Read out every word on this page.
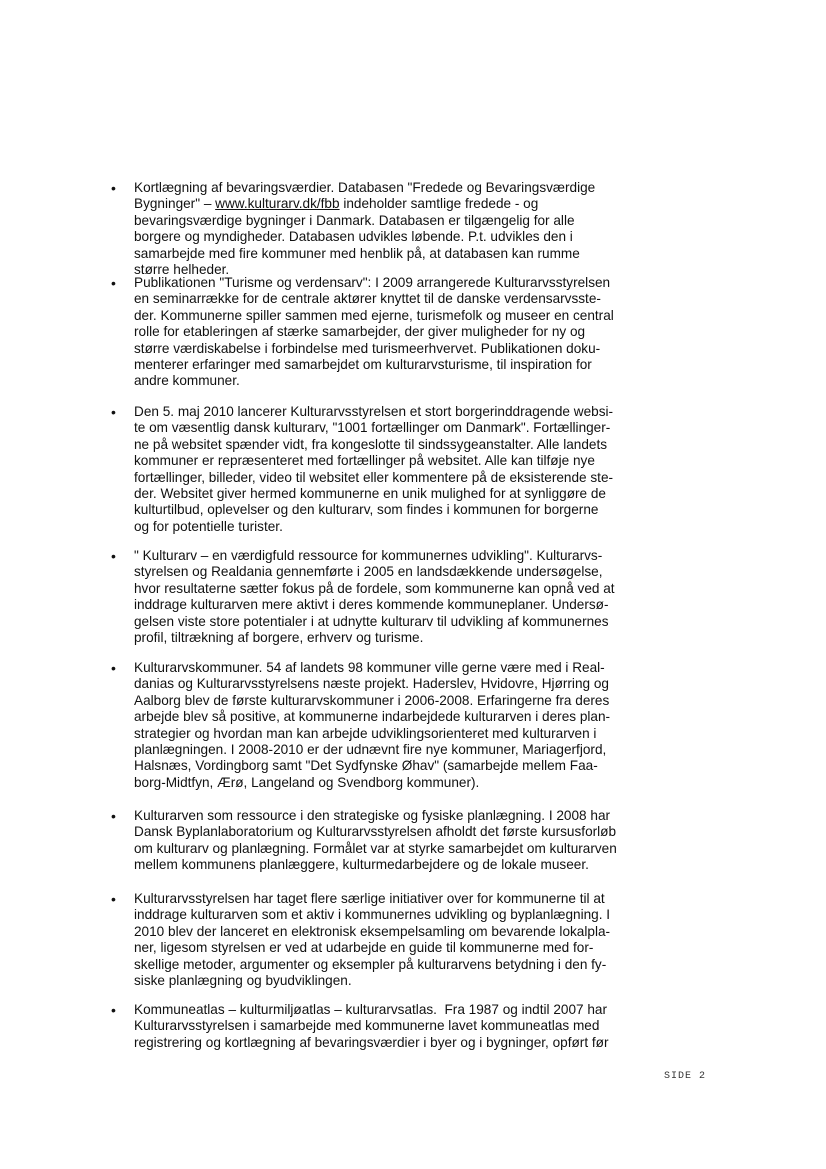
• Kortlægning af bevaringsværdier. Databasen "Fredede og Bevaringsværdige
Bygninger" – www.kulturarv.dk/fbb indeholder samtlige fredede - og
bevaringsværdige bygninger i Danmark. Databasen er tilgængelig for alle
borgere og myndigheder. Databasen udvikles løbende. P.t. udvikles den i
samarbejde med fire kommuner med henblik på, at databasen kan rumme
større helheder.
• Publikationen "Turisme og verdensarv": I 2009 arrangerede Kulturarvsstyrelsen
en seminarrække for de centrale aktører knyttet til de danske verdensarvsste-
der. Kommunerne spiller sammen med ejerne, turismefolk og museer en central
rolle for etableringen af stærke samarbejder, der giver muligheder for ny og
større værdiskabelse i forbindelse med turismeerhvervet. Publikationen doku-
menterer erfaringer med samarbejdet om kulturarvsturisme, til inspiration for
andre kommuner.
• Den 5. maj 2010 lancerer Kulturarvsstyrelsen et stort borgerinddragende websi-
te om væsentlig dansk kulturarv, "1001 fortællinger om Danmark". Fortællinger-
ne på websitet spænder vidt, fra kongeslotte til sindssygeanstalter. Alle landets
kommuner er repræsenteret med fortællinger på websitet. Alle kan tilføje nye
fortællinger, billeder, video til websitet eller kommentere på de eksisterende ste-
der. Websitet giver hermed kommunerne en unik mulighed for at synliggøre de
kulturtilbud, oplevelser og den kulturarv, som findes i kommunen for borgerne
og for potentielle turister.
• " Kulturarv – en værdigfuld ressource for kommunernes udvikling". Kulturarvs-
styrelsen og Realdania gennemførte i 2005 en landsdækkende undersøgelse,
hvor resultaterne sætter fokus på de fordele, som kommunerne kan opnå ved at
inddrage kulturarven mere aktivt i deres kommende kommuneplaner. Undersø-
gelsen viste store potentialer i at udnytte kulturarv til udvikling af kommunernes
profil, tiltrækning af borgere, erhverv og turisme.
• Kulturarvskommuner. 54 af landets 98 kommuner ville gerne være med i Real-
danias og Kulturarvsstyrelsens næste projekt. Haderslev, Hvidovre, Hjørring og
Aalborg blev de første kulturarvskommuner i 2006-2008. Erfaringerne fra deres
arbejde blev så positive, at kommunerne indarbejdede kulturarven i deres plan-
strategier og hvordan man kan arbejde udviklingsorienteret med kulturarven i
planlægningen. I 2008-2010 er der udnævnt fire nye kommuner, Mariagerfjord,
Halsnæs, Vordingborg samt "Det Sydfynske Øhav" (samarbejde mellem Faa-
borg-Midtfyn, Ærø, Langeland og Svendborg kommuner).
• Kulturarven som ressource i den strategiske og fysiske planlægning. I 2008 har
Dansk Byplanlaboratorium og Kulturarvsstyrelsen afholdt det første kursusforløb
om kulturarv og planlægning. Formålet var at styrke samarbejdet om kulturarven
mellem kommunens planlæggere, kulturmedarbejdere og de lokale museer.
• Kulturarvsstyrelsen har taget flere særlige initiativer over for kommunerne til at
inddrage kulturarven som et aktiv i kommunernes udvikling og byplanlægning. I
2010 blev der lanceret en elektronisk eksempelsamling om bevarende lokalpla-
ner, ligesom styrelsen er ved at udarbejde en guide til kommunerne med for-
skellige metoder, argumenter og eksempler på kulturarvens betydning i den fy-
siske planlægning og byudviklingen.
• Kommuneatlas – kulturmiljøatlas – kulturarvsatlas.  Fra 1987 og indtil 2007 har
Kulturarvsstyrelsen i samarbejde med kommunerne lavet kommuneatlas med
registrering og kortlægning af bevaringsværdier i byer og i bygninger, opført før
SIDE 2
